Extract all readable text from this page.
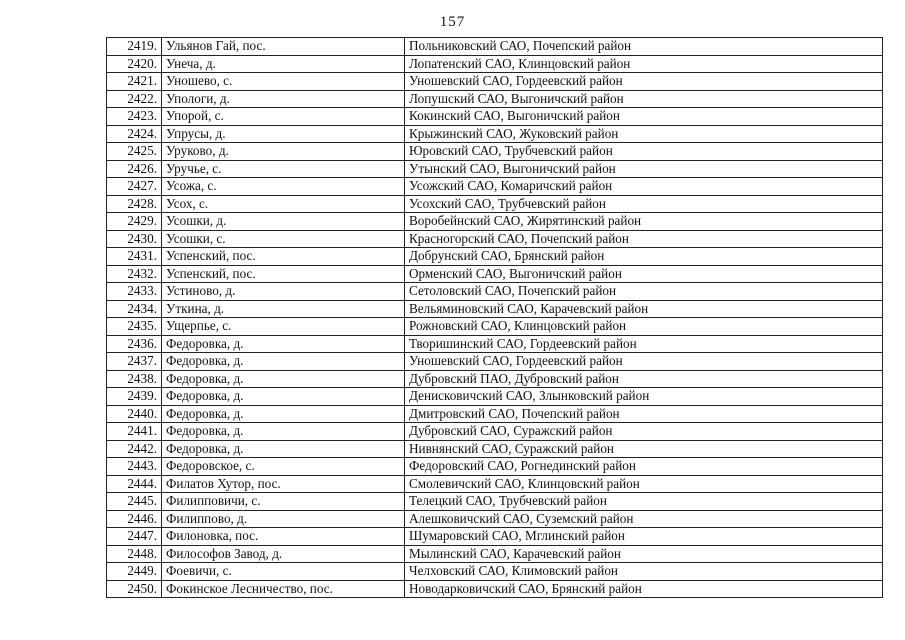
157
2419.	Ульянов Гай, пос.	Польниковский САО, Почепский район
2420.	Унеча, д.	Лопатенский САО, Клинцовский район
2421.	Уношево, с.	Уношевский САО, Гордеевский район
2422.	Упологи, д.	Лопушский САО, Выгоничский район
2423.	Упорой, с.	Кокинский САО, Выгоничский район
2424.	Упрусы, д.	Крыжинский САО, Жуковский район
2425.	Уруково, д.	Юровский САО, Трубчевский район
2426.	Уручье, с.	Утынский САО, Выгоничский район
2427.	Усожа, с.	Усожский САО, Комаричский район
2428.	Усох, с.	Усохский САО, Трубчевский район
2429.	Усошки, д.	Воробейнский САО, Жирятинский район
2430.	Усошки, с.	Красногорский САО, Почепский район
2431.	Успенский, пос.	Добрунский САО, Брянский район
2432.	Успенский, пос.	Орменский САО, Выгоничский район
2433.	Устиново, д.	Сетоловский САО, Почепский район
2434.	Уткина, д.	Вельяминовский САО, Карачевский район
2435.	Ущерпье, с.	Рожновский САО, Клинцовский район
2436.	Федоровка, д.	Творишинский САО, Гордеевский район
2437.	Федоровка, д.	Уношевский САО, Гордеевский район
2438.	Федоровка, д.	Дубровский ПАО, Дубровский район
2439.	Федоровка, д.	Денисковичский САО, Злынковский район
2440.	Федоровка, д.	Дмитровский САО, Почепский район
2441.	Федоровка, д.	Дубровский САО, Суражский район
2442.	Федоровка, д.	Нивнянский САО, Суражский район
2443.	Федоровское, с.	Федоровский САО, Рогнединский район
2444.	Филатов Хутор, пос.	Смолевичский САО, Клинцовский район
2445.	Филипповичи, с.	Телецкий САО, Трубчевский район
2446.	Филиппово, д.	Алешковичский САО, Суземский район
2447.	Филоновка, пос.	Шумаровский САО, Мглинский район
2448.	Философов Завод, д.	Мылинский САО, Карачевский район
2449.	Фоевичи, с.	Челховский САО, Климовский район
2450.	Фокинское Лесничество, пос.	Новодарковичский САО, Брянский район
